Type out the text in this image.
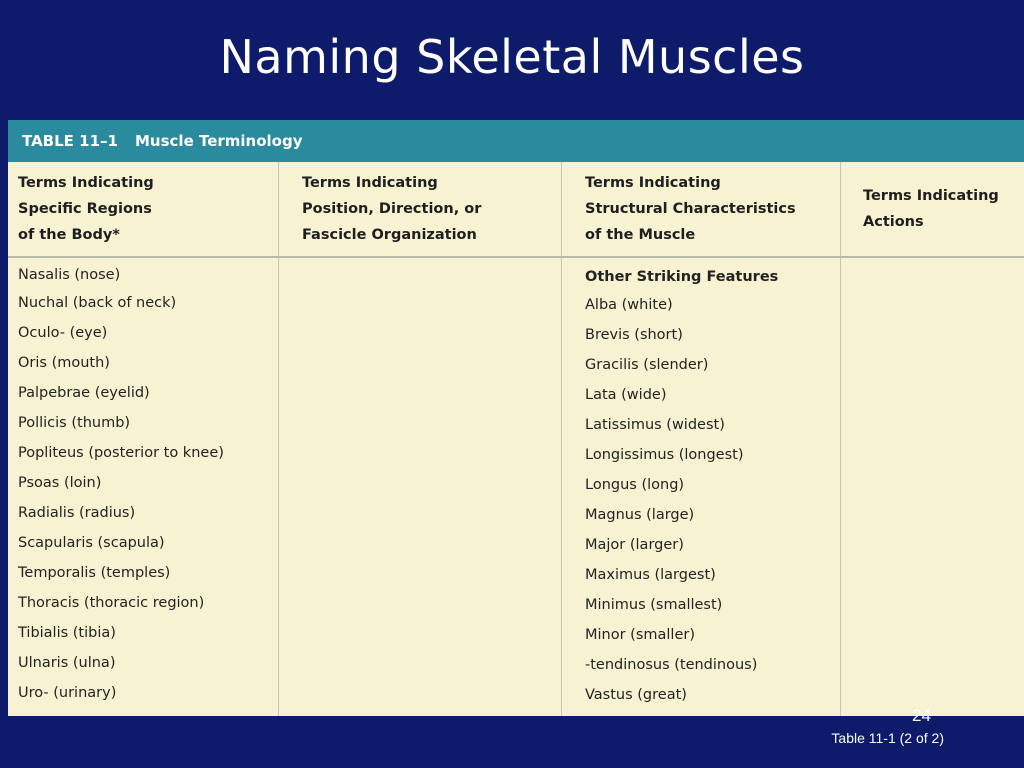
Naming Skeletal Muscles
TABLE 11–1 Muscle Terminology
Terms Indicating
Specific Regions
of the Body*
Terms Indicating
Position, Direction, or
Fascicle Organization
Terms Indicating
Structural Characteristics
of the Muscle
Terms Indicating
Actions
Nasalis (nose)
Nuchal (back of neck)
Oculo- (eye)
Oris (mouth)
Palpebrae (eyelid)
Pollicis (thumb)
Popliteus (posterior to knee)
Psoas (loin)
Radialis (radius)
Scapularis (scapula)
Temporalis (temples)
Thoracis (thoracic region)
Tibialis (tibia)
Ulnaris (ulna)
Uro- (urinary)
Other Striking Features
Alba (white)
Brevis (short)
Gracilis (slender)
Lata (wide)
Latissimus (widest)
Longissimus (longest)
Longus (long)
Magnus (large)
Major (larger)
Maximus (largest)
Minimus (smallest)
Minor (smaller)
-tendinosus (tendinous)
Vastus (great)
24
Table 11-1 (2 of 2)
